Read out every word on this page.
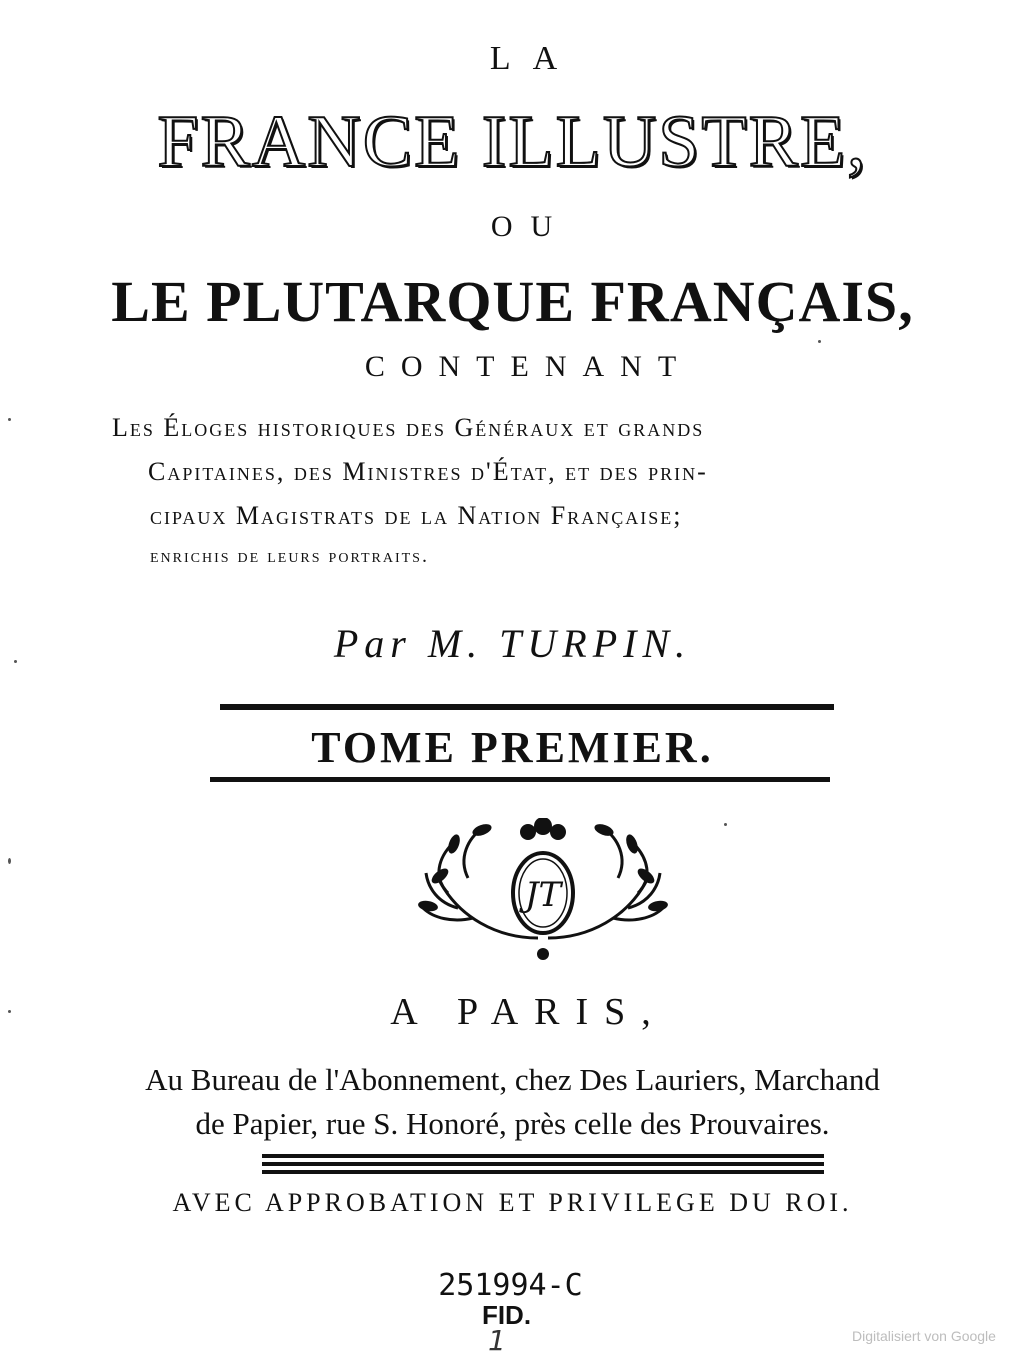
LA
FRANCE ILLUSTRE,
OU
LE PLUTARQUE FRANÇAIS,
CONTENANT
Les Éloges historiques des Généraux et grands
Capitaines, des Ministres d'État, et des prin-
cipaux Magistrats de la Nation Française;
enrichis de leurs portraits.
Par M. TURPIN.
TOME PREMIER.
JT
A PARIS,
Au Bureau de l'Abonnement, chez Des Lauriers, Marchand
de Papier, rue S. Honoré, près celle des Prouvaires.
AVEC APPROBATION ET PRIVILEGE DU ROI.
251994-C
FID.
1	Digitalisiert von Google
